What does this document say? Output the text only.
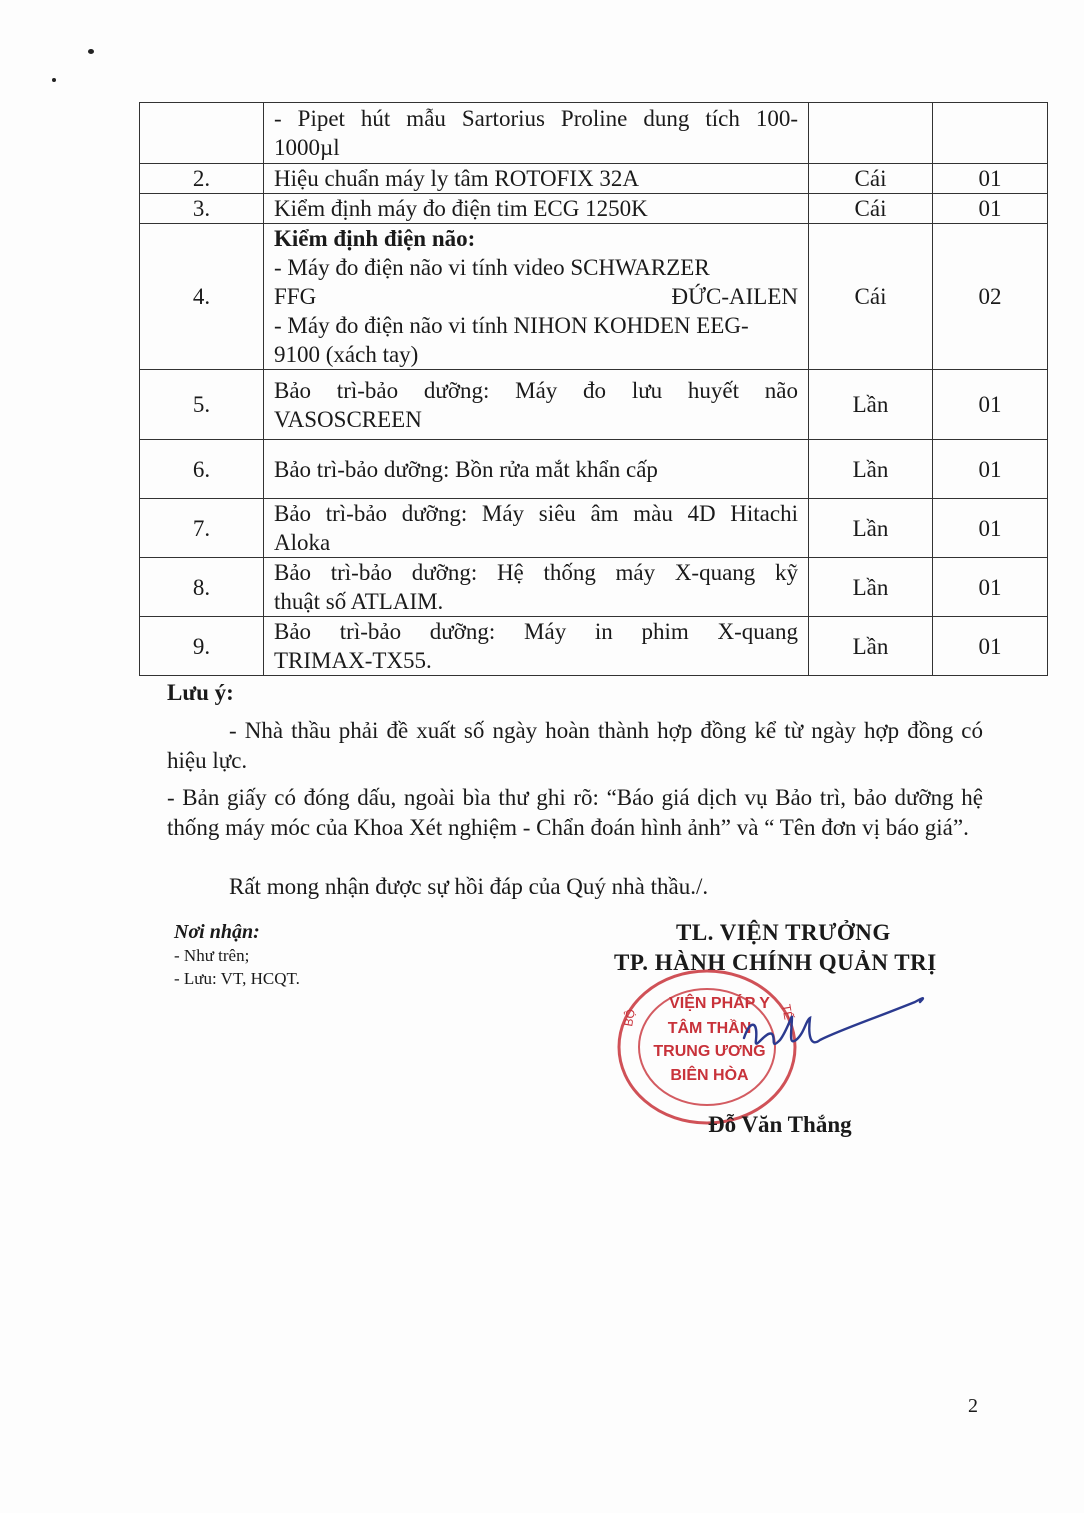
	- Pipet hút mẫu Sartorius Proline dung tích 100-
1000µl		

2.	Hiệu chuẩn máy ly tâm ROTOFIX 32A	Cái	01
3.	Kiểm định máy đo điện tim ECG 1250K	Cái	01
4.	Kiểm định điện não:
- Máy đo điện não vi tính video SCHWARZER
FFG ĐỨC-AILEN
- Máy đo điện não vi tính NIHON KOHDEN EEG-
9100 (xách tay)	Cái	02
5.	Bảo trì-bảo dưỡng: Máy đo lưu huyết não
VASOSCREEN	Lần	01
6.	Bảo trì-bảo dưỡng: Bồn rửa mắt khẩn cấp	Lần	01
7.	Bảo trì-bảo dưỡng: Máy siêu âm màu 4D Hitachi
Aloka	Lần	01
8.	Bảo trì-bảo dưỡng: Hệ thống máy X-quang kỹ
thuật số ATLAIM.	Lần	01
9.	Bảo trì-bảo dưỡng: Máy in phim X-quang
TRIMAX-TX55.	Lần	01
Lưu ý:
- Nhà thầu phải đề xuất số ngày hoàn thành hợp đồng kể từ ngày hợp đồng có hiệu lực.
- Bản giấy có đóng dấu, ngoài bìa thư ghi rõ: “Báo giá dịch vụ Bảo trì, bảo dưỡng hệ thống máy móc của Khoa Xét nghiệm - Chẩn đoán hình ảnh” và “ Tên đơn vị báo giá”.
Rất mong nhận được sự hồi đáp của Quý nhà thầu./.
Nơi nhận:
- Như trên;
- Lưu: VT, HCQT.
TL. VIỆN TRƯỞNG
TP. HÀNH CHÍNH QUẢN TRỊ
BỘ	TẾ
VIỆN PHÁP Y
TÂM THẦN
TRUNG ƯƠNG
BIÊN HÒA
Đỗ Văn Thắng
2
